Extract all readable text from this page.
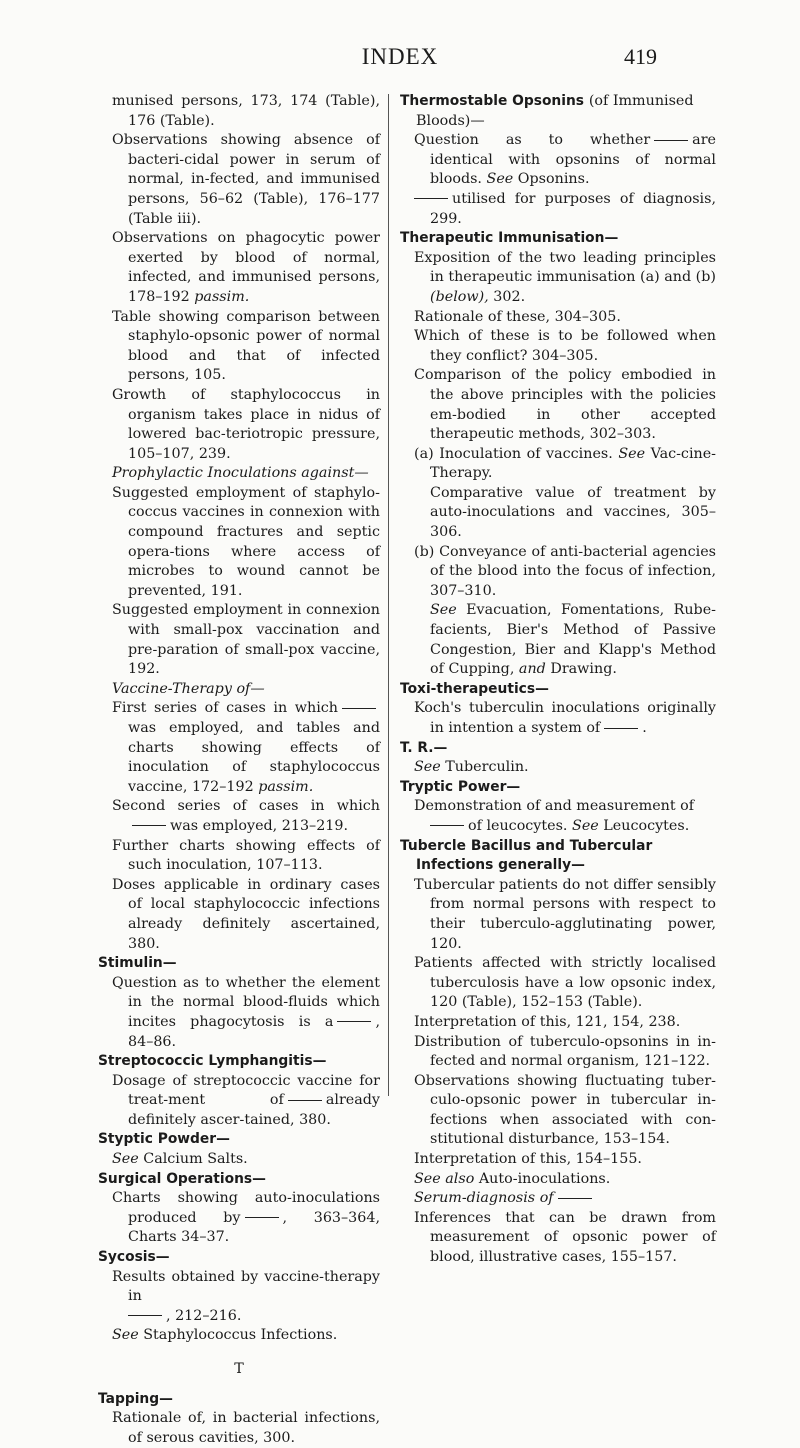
INDEX	419

munised persons, 173, 174 (Table), 176 (Table).

Observations showing absence of bacteri-cidal power in serum of normal, in-fected, and immunised persons, 56–62 (Table), 176–177 (Table iii).

Observations on phagocytic power exerted by blood of normal, infected, and immunised persons, 178–192 passim.

Table showing comparison between staphylo-opsonic power of normal blood and that of infected persons, 105.

Growth of staphylococcus in organism takes place in nidus of lowered bac-teriotropic pressure, 105–107, 239.

Prophylactic Inoculations against—

Suggested employment of staphylo-coccus vaccines in connexion with compound fractures and septic opera-tions where access of microbes to wound cannot be prevented, 191.

Suggested employment in connexion with small-pox vaccination and pre-paration of small-pox vaccine, 192.

Vaccine-Therapy of—

First series of cases in whichwas employed, and tables and charts showing effects of inoculation of staphylococcus vaccine, 172–192 passim.

Second series of cases in whichwas employed, 213–219.

Further charts showing effects of such inoculation, 107–113.

Doses applicable in ordinary cases of local staphylococcic infections already definitely ascertained, 380.

Stimulin—

Question as to whether the element in the normal blood-fluids which incites phagocytosis is a	, 84–86.

Streptococcic Lymphangitis—

Dosage of streptococcic vaccine for treat-ment of	already definitely ascer-tained, 380.

Styptic Powder—

See Calcium Salts.

Surgical Operations—

Charts showing auto-inoculations produced by	, 363–364, Charts 34–37.

Sycosis—

Results obtained by vaccine-therapy in
, 212–216.

See Staphylococcus Infections.

T

Tapping—

Rationale of, in bacterial infections, of serous cavities, 300.

Thermostable Opsonins (of Immunised Bloods)—

Question as to whether	are identical with opsonins of normal bloods. See Opsonins.

utilised for purposes of diagnosis, 299.

Therapeutic Immunisation—

Exposition of the two leading principles in therapeutic immunisation (a) and (b) (below), 302.

Rationale of these, 304–305.

Which of these is to be followed when they conflict? 304–305.

Comparison of the policy embodied in the above principles with the policies em-bodied in other accepted therapeutic methods, 302–303.

(a) Inoculation of vaccines. See Vac-cine-Therapy.

Comparative value of treatment by auto-inoculations and vaccines, 305–306.

(b) Conveyance of anti-bacterial agencies of the blood into the focus of infection, 307–310.

See Evacuation, Fomentations, Rube-facients, Bier's Method of Passive Congestion, Bier and Klapp's Method of Cupping, and Drawing.

Toxi-therapeutics—

Koch's tuberculin inoculations originally in intention a system of	.

T. R.—

See Tuberculin.

Tryptic Power—

Demonstration of and measurement of
of leucocytes. See Leucocytes.

Tubercle Bacillus and Tubercular Infections generally—

Tubercular patients do not differ sensibly from normal persons with respect to their tuberculo-agglutinating power, 120.

Patients affected with strictly localised tuberculosis have a low opsonic index, 120 (Table), 152–153 (Table).

Interpretation of this, 121, 154, 238.

Distribution of tuberculo-opsonins in in-fected and normal organism, 121–122.

Observations showing fluctuating tuber-culo-opsonic power in tubercular in-fections when associated with con-stitutional disturbance, 153–154.

Interpretation of this, 154–155.

See also Auto-inoculations.

Serum-diagnosis of

Inferences that can be drawn from measurement of opsonic power of blood, illustrative cases, 155–157.
